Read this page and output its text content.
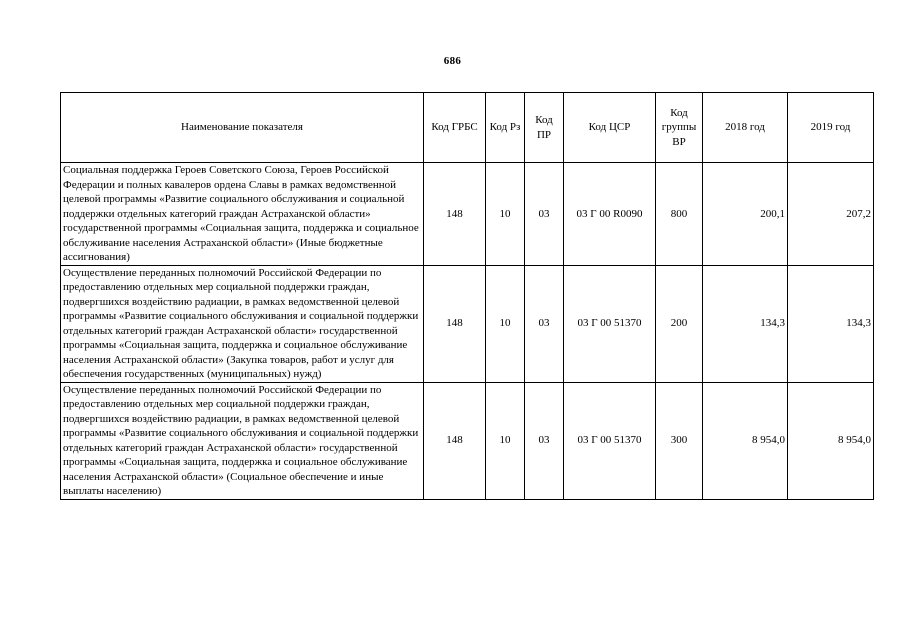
686
Наименование показателя	Код ГРБС	Код Рз	Код ПР	Код ЦСР	Код группы ВР	2018 год	2019 год
Социальная поддержка Героев Советского Союза, Героев Российской Федерации и полных кавалеров ордена Славы в рамках ведомственной целевой программы «Развитие социального обслуживания и социальной поддержки отдельных категорий граждан Астраханской области» государственной программы «Социальная защита, поддержка и социальное обслуживание населения Астраханской области» (Иные бюджетные ассигнования)	148	10	03	03 Г 00 R0090	800	200,1	207,2
Осуществление переданных полномочий Российской Федерации по предоставлению отдельных мер социальной поддержки граждан, подвергшихся воздействию радиации, в рамках ведомственной целевой программы «Развитие социального обслуживания и социальной поддержки отдельных категорий граждан Астраханской области» государственной программы «Социальная защита, поддержка и социальное обслуживание населения Астраханской области» (Закупка товаров, работ и услуг для обеспечения государственных (муниципальных) нужд)	148	10	03	03 Г 00 51370	200	134,3	134,3
Осуществление переданных полномочий Российской Федерации по предоставлению отдельных мер социальной поддержки граждан, подвергшихся воздействию радиации, в рамках ведомственной целевой программы «Развитие социального обслуживания и социальной поддержки отдельных категорий граждан Астраханской области» государственной программы «Социальная защита, поддержка и социальное обслуживание населения Астраханской области» (Социальное обеспечение и иные выплаты населению)	148	10	03	03 Г 00 51370	300	8 954,0	8 954,0
